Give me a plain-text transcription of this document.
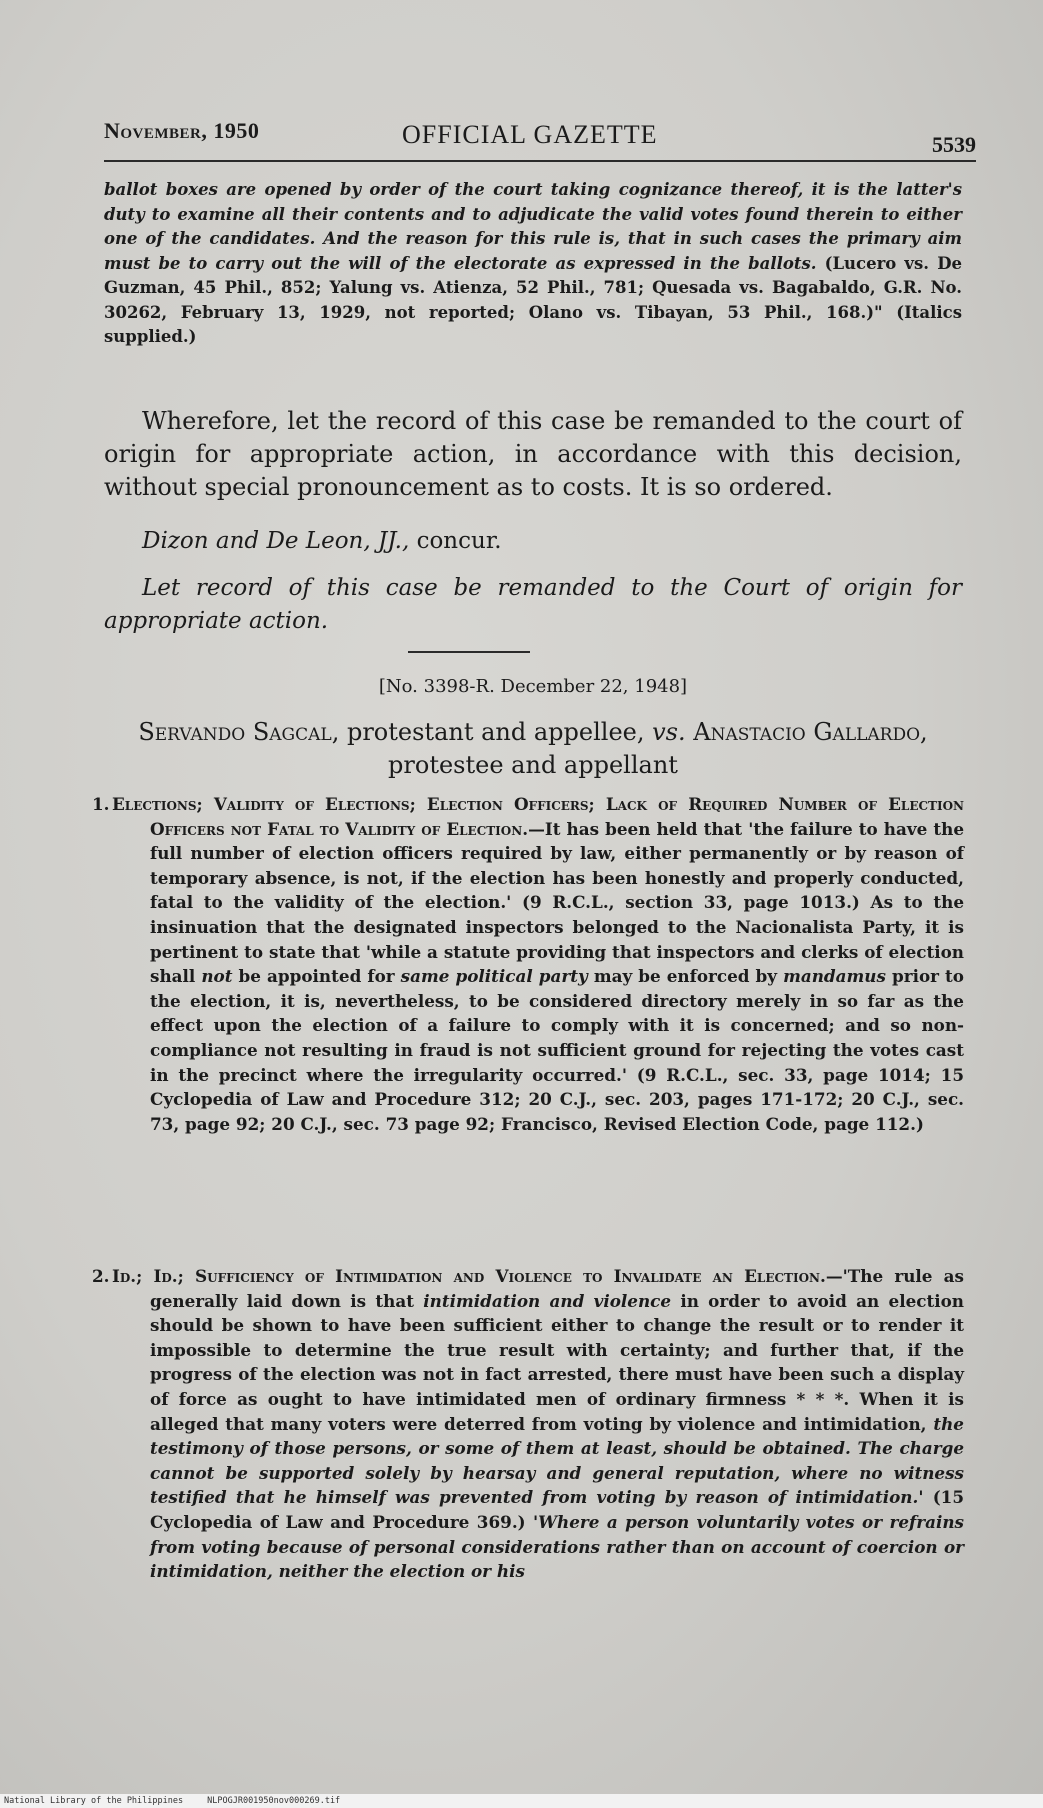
November, 1950	OFFICIAL GAZETTE	5539
ballot boxes are opened by order of the court taking cognizance thereof, it is the latter's duty to examine all their contents and to adjudicate the valid votes found therein to either one of the candidates. And the reason for this rule is, that in such cases the primary aim must be to carry out the will of the electorate as expressed in the ballots. (Lucero vs. De Guzman, 45 Phil., 852; Yalung vs. Atienza, 52 Phil., 781; Quesada vs. Bagabaldo, G.R. No. 30262, February 13, 1929, not reported; Olano vs. Tibayan, 53 Phil., 168.)" (Italics supplied.)
Wherefore, let the record of this case be remanded to the court of origin for appropriate action, in accordance with this decision, without special pronouncement as to costs. It is so ordered.
Dizon and De Leon, JJ., concur.
Let record of this case be remanded to the Court of origin for appropriate action.
[No. 3398-R. December 22, 1948]
Servando Sagcal, protestant and appellee, vs. Anastacio Gallardo, protestee and appellant
1. Elections; Validity of Elections; Election Officers; Lack of Required Number of Election Officers not Fatal to Validity of Election.—It has been held that 'the failure to have the full number of election officers required by law, either permanently or by reason of temporary absence, is not, if the election has been honestly and properly conducted, fatal to the validity of the election.' (9 R.C.L., section 33, page 1013.) As to the insinuation that the designated inspectors belonged to the Nacionalista Party, it is pertinent to state that 'while a statute providing that inspectors and clerks of election shall not be appointed for same political party may be enforced by mandamus prior to the election, it is, nevertheless, to be considered directory merely in so far as the effect upon the election of a failure to comply with it is concerned; and so non-compliance not resulting in fraud is not sufficient ground for rejecting the votes cast in the precinct where the irregularity occurred.' (9 R.C.L., sec. 33, page 1014; 15 Cyclopedia of Law and Procedure 312; 20 C.J., sec. 203, pages 171-172; 20 C.J., sec. 73, page 92; 20 C.J., sec. 73 page 92; Francisco, Revised Election Code, page 112.)
2. Id.; Id.; Sufficiency of Intimidation and Violence to Invalidate an Election.—'The rule as generally laid down is that intimidation and violence in order to avoid an election should be shown to have been sufficient either to change the result or to render it impossible to determine the true result with certainty; and further that, if the progress of the election was not in fact arrested, there must have been such a display of force as ought to have intimidated men of ordinary firmness * * *. When it is alleged that many voters were deterred from voting by violence and intimidation, the testimony of those persons, or some of them at least, should be obtained. The charge cannot be supported solely by hearsay and general reputation, where no witness testified that he himself was prevented from voting by reason of intimidation.' (15 Cyclopedia of Law and Procedure 369.) 'Where a person voluntarily votes or refrains from voting because of personal considerations rather than on account of coercion or intimidation, neither the election or his
National Library of the Philippines	NLPOGJR001950nov000269.tif
